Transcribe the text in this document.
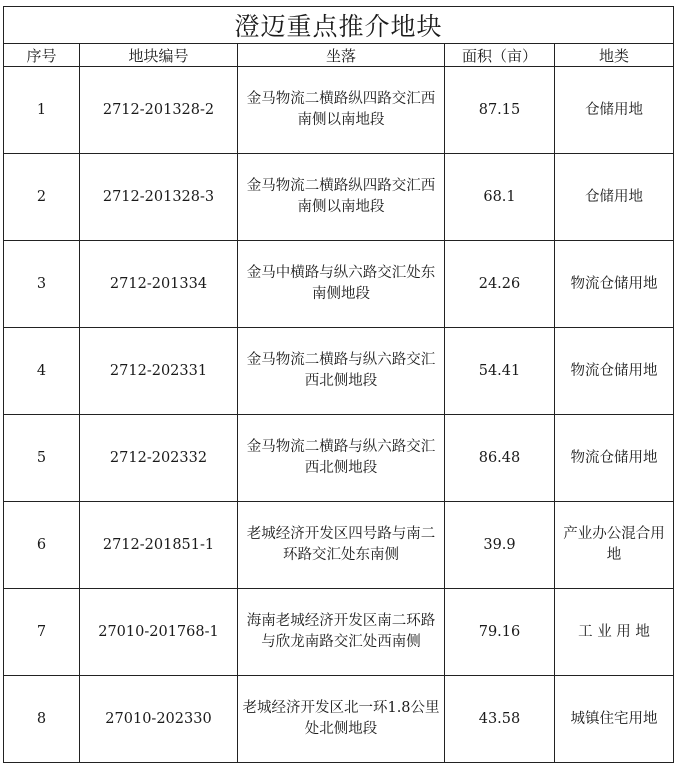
澄迈重点推介地块				
序号	地块编号	坐落	面积（亩）	地类
1	2712-201328-2	金马物流二横路纵四路交汇西南侧以南地段	87.15	仓储用地
2	2712-201328-3	金马物流二横路纵四路交汇西南侧以南地段	68.1	仓储用地
3	2712-201334	金马中横路与纵六路交汇处东南侧地段	24.26	物流仓储用地
4	2712-202331	金马物流二横路与纵六路交汇西北侧地段	54.41	物流仓储用地
5	2712-202332	金马物流二横路与纵六路交汇西北侧地段	86.48	物流仓储用地
6	2712-201851-1	老城经济开发区四号路与南二环路交汇处东南侧	39.9	产业办公混合用地
7	27010-201768-1	海南老城经济开发区南二环路与欣龙南路交汇处西南侧	79.16	工 业 用 地
8	27010-202330	老城经济开发区北一环1.8公里处北侧地段	43.58	城镇住宅用地
